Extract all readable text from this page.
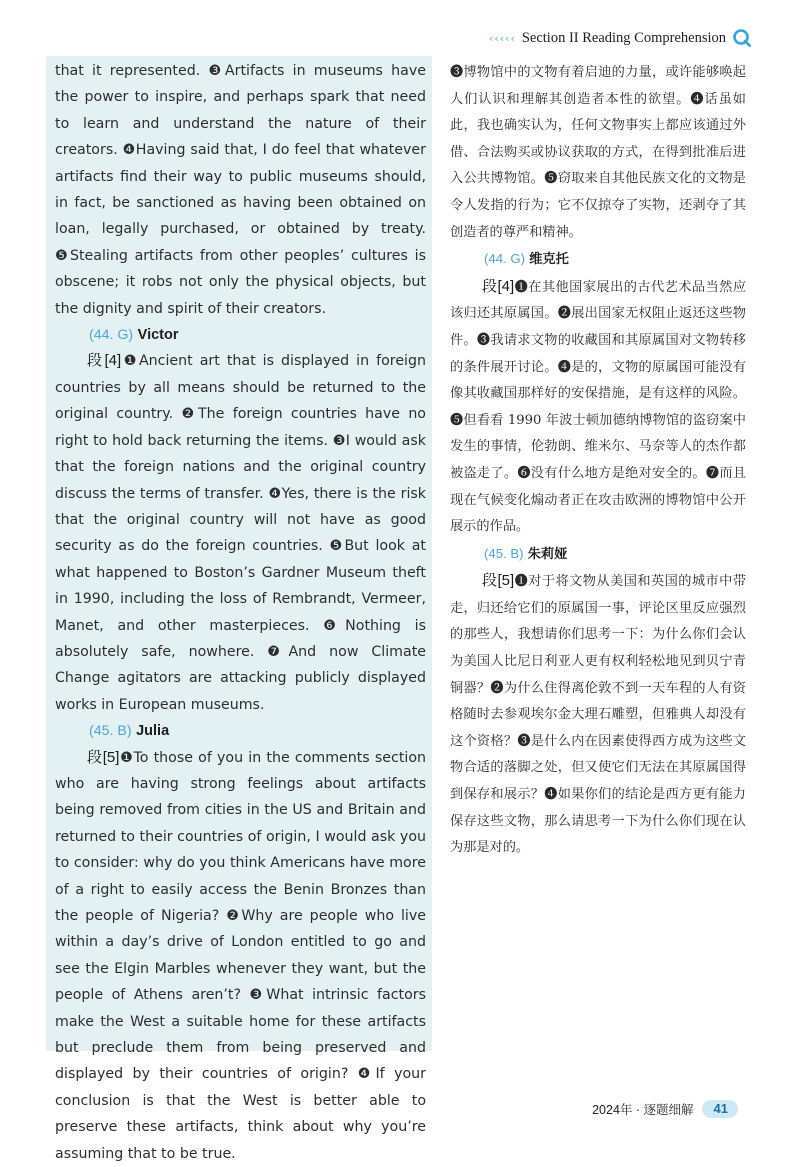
‹‹‹‹‹ Section II Reading Comprehension

that it represented. ❸Artifacts in museums have the power to inspire, and perhaps spark that need to learn and understand the nature of their creators. ❹Having said that, I do feel that whatever artifacts find their way to public museums should, in fact, be sanctioned as having been obtained on loan, legally purchased, or obtained by treaty. ❺Stealing artifacts from other peoples’ cultures is obscene; it robs not only the physical objects, but the dignity and spirit of their creators.

(44. G) Victor

段[4]❶Ancient art that is displayed in foreign countries by all means should be returned to the original country. ❷The foreign countries have no right to hold back returning the items. ❸I would ask that the foreign nations and the original country discuss the terms of transfer. ❹Yes, there is the risk that the original country will not have as good security as do the foreign countries. ❺But look at what happened to Boston’s Gardner Museum theft in 1990, including the loss of Rembrandt, Vermeer, Manet, and other masterpieces. ❻Nothing is absolutely safe, nowhere. ❼And now Climate Change agitators are attacking publicly displayed works in European museums.

(45. B) Julia

段[5]❶To those of you in the comments section who are having strong feelings about artifacts being removed from cities in the US and Britain and returned to their countries of origin, I would ask you to consider: why do you think Americans have more of a right to easily access the Benin Bronzes than the people of Nigeria? ❷Why are people who live within a day’s drive of London entitled to go and see the Elgin Marbles whenever they want, but the people of Athens aren’t? ❸What intrinsic factors make the West a suitable home for these artifacts but preclude them from being preserved and displayed by their countries of origin? ❹If your conclusion is that the West is better able to preserve these artifacts, think about why you’re assuming that to be true.

❸博物馆中的文物有着启迪的力量，或许能够唤起人们认识和理解其创造者本性的欲望。❹话虽如此，我也确实认为，任何文物事实上都应该通过外借、合法购买或协议获取的方式，在得到批准后进入公共博物馆。❺窃取来自其他民族文化的文物是令人发指的行为；它不仅掠夺了实物，还剥夺了其创造者的尊严和精神。

(44. G) 维克托

段[4]❶在其他国家展出的古代艺术品当然应该归还其原属国。❷展出国家无权阻止返还这些物件。❸我请求文物的收藏国和其原属国对文物转移的条件展开讨论。❹是的，文物的原属国可能没有像其收藏国那样好的安保措施，是有这样的风险。❺但看看 1990 年波士顿加德纳博物馆的盗窃案中发生的事情，伦勃朗、维米尔、马奈等人的杰作都被盗走了。❻没有什么地方是绝对安全的。❼而且现在气候变化煽动者正在攻击欧洲的博物馆中公开展示的作品。

(45. B) 朱莉娅

段[5]❶对于将文物从美国和英国的城市中带走，归还给它们的原属国一事，评论区里反应强烈的那些人，我想请你们思考一下：为什么你们会认为美国人比尼日利亚人更有权利轻松地见到贝宁青铜器？❷为什么住得离伦敦不到一天车程的人有资格随时去参观埃尔金大理石雕塑，但雅典人却没有这个资格？❸是什么内在因素使得西方成为这些文物合适的落脚之处，但又使它们无法在其原属国得到保存和展示？❹如果你们的结论是西方更有能力保存这些文物，那么请思考一下为什么你们现在认为那是对的。

2024年 · 逐题细解	41
